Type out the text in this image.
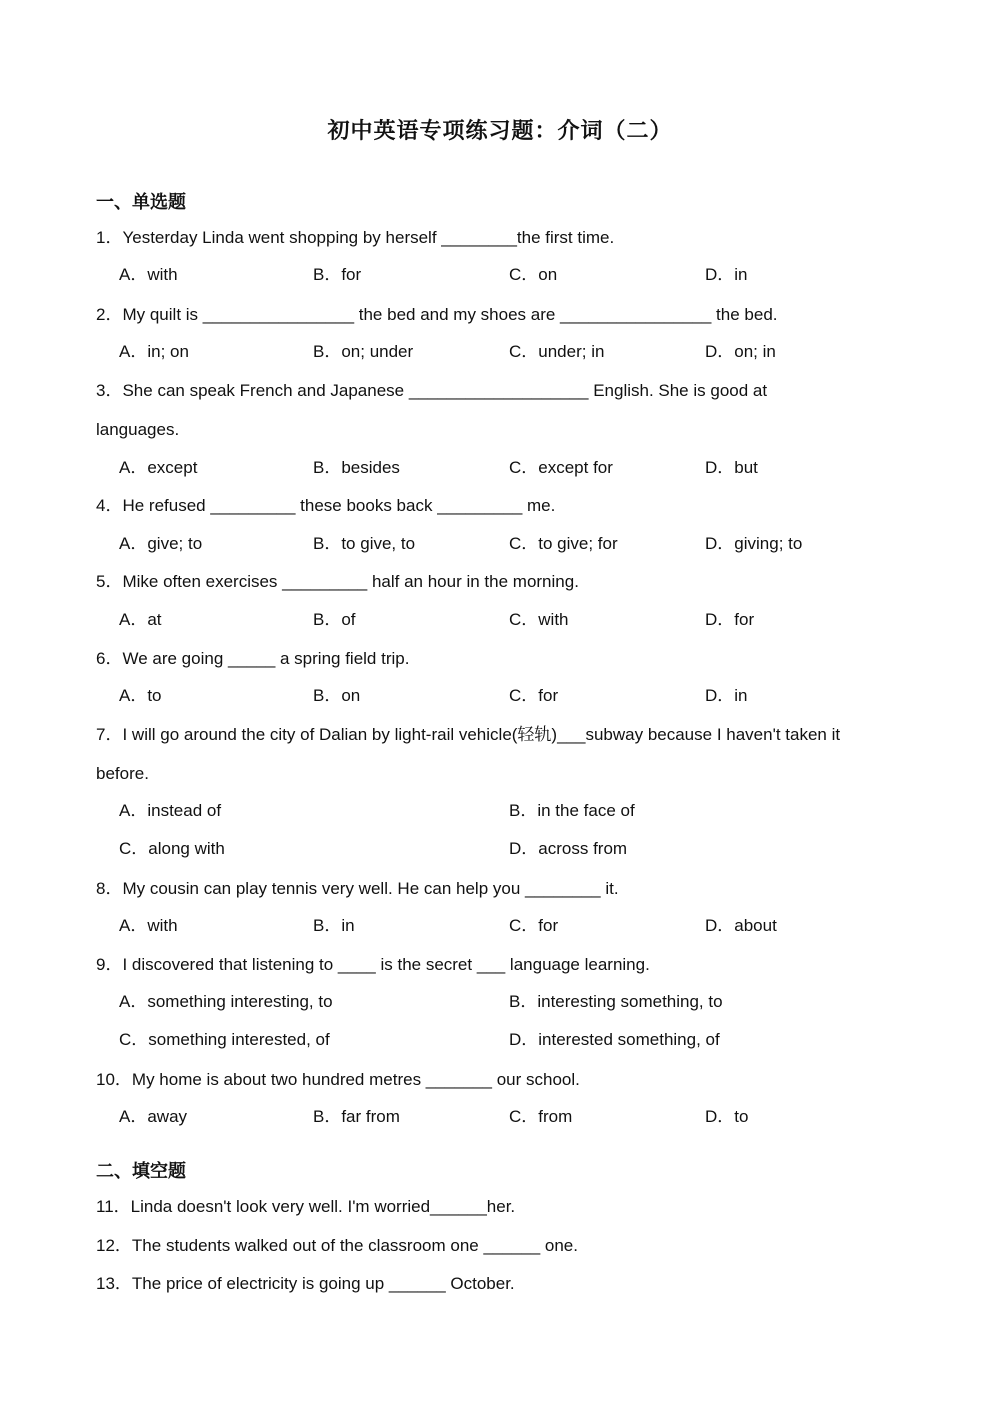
初中英语专项练习题：介词（二）
一、单选题
1．Yesterday Linda went shopping by herself ________the first time.
A．with	B．for	C．on	D．in
2．My quilt is ________________ the bed and my shoes are ________________ the bed.
A．in; on	B．on; under	C．under; in	D．on; in
3．She can speak French and Japanese ___________________ English. She is good at
languages.
A．except	B．besides	C．except for	D．but
4．He refused _________ these books back _________ me.
A．give; to	B．to give, to	C．to give; for	D．giving; to
5．Mike often exercises _________ half an hour in the morning.
A．at	B．of	C．with	D．for
6．We are going _____ a spring field trip.
A．to	B．on	C．for	D．in
7．I will go around the city of Dalian by light-rail vehicle(轻轨)___subway because I haven't taken it
before.
A．instead of	B．in the face of
C．along with	D．across from
8．My cousin can play tennis very well. He can help you ________ it.
A．with	B．in	C．for	D．about
9．I discovered that listening to ____ is the secret ___ language learning.
A．something interesting, to	B．interesting something, to
C．something interested, of	D．interested something, of
10．My home is about two hundred metres _______ our school.
A．away	B．far from	C．from	D．to
二、填空题
11．Linda doesn't look very well. I'm worried______her.
12．The students walked out of the classroom one ______ one.
13．The price of electricity is going up ______ October.
